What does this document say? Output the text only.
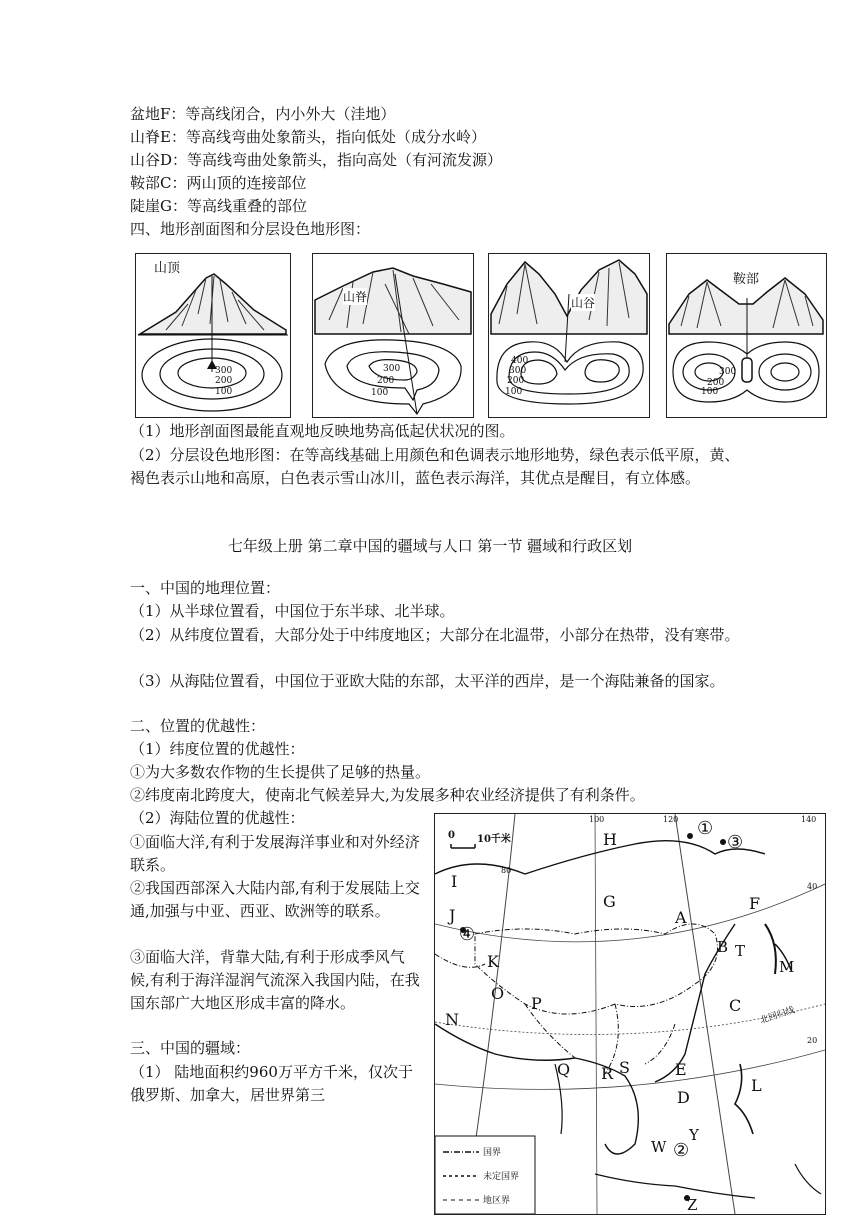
盆地F：等高线闭合，内小外大（洼地）
山脊E：等高线弯曲处象箭头，指向低处（成分水岭）
山谷D：等高线弯曲处象箭头，指向高处（有河流发源）
鞍部C：两山顶的连接部位
陡崖G：等高线重叠的部位
四、地形剖面图和分层设色地形图：
山顶
300
200
100
山脊
300
200
100
山谷
400
300
200
100
鞍部
300
200
100
（1）地形剖面图最能直观地反映地势高低起伏状况的图。
（2）分层设色地形图：在等高线基础上用颜色和色调表示地形地势，绿色表示低平原，黄、褐色表示山地和高原，白色表示雪山冰川，蓝色表示海洋，其优点是醒目，有立体感。
七年级上册 第二章中国的疆域与人口 第一节 疆域和行政区划
一、中国的地理位置：
（1）从半球位置看，中国位于东半球、北半球。
（2）从纬度位置看，大部分处于中纬度地区；大部分在北温带，小部分在热带，没有寒带。
（3）从海陆位置看，中国位于亚欧大陆的东部，太平洋的西岸，是一个海陆兼备的国家。
二、位置的优越性：
（1）纬度位置的优越性：
①为大多数农作物的生长提供了足够的热量。
②纬度南北跨度大，使南北气候差异大,为发展多种农业经济提供了有利条件。
（2）海陆位置的优越性：
①面临大洋,有利于发展海洋事业和对外经济联系。
②我国西部深入大陆内部,有利于发展陆上交通,加强与中亚、西亚、欧洲等的联系。
③面临大洋，背靠大陆,有利于形成季风气候,有利于海洋湿润气流深入我国内陆，在我国东部广大地区形成丰富的降水。
三、中国的疆域：
（1） 陆地面积约960万平方千米，仅次于俄罗斯、加拿大，居世界第三
0 10千米
80
100	120	140
40
20
北回归线
H
I
G
A
F
J
B T
K	M
O
P	C
N
Q R S	E
L
D
W
Y
Z
①
②
③
④
国界
未定国界
地区界
